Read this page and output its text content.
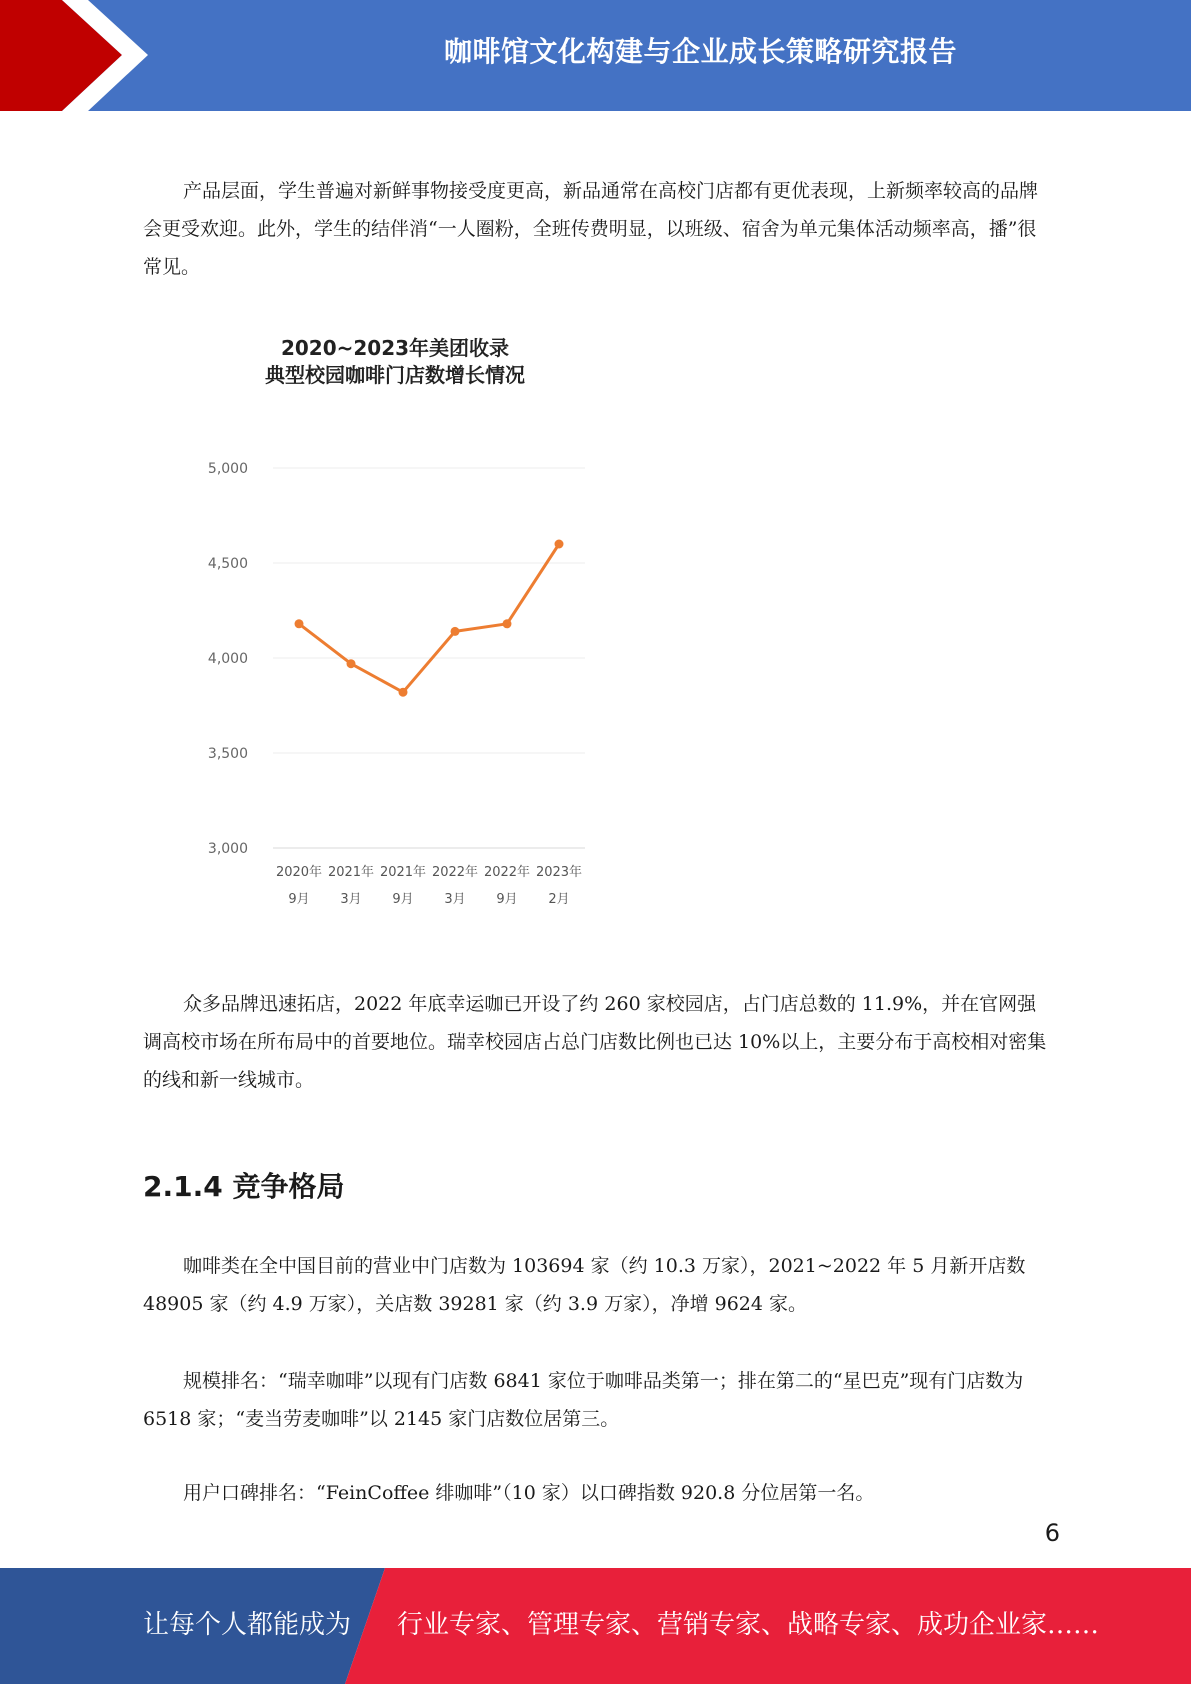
咖啡馆文化构建与企业成长策略研究报告

产品层面，学生普遍对新鲜事物接受度更高，新品通常在高校门店都有更优表现，上新频率较高的品牌会更受欢迎。此外，学生的结伴消“一人圈粉，全班传费明显，以班级、宿舍为单元集体活动频率高，播”很常见。

2020~2023年美团收录
典型校园咖啡门店数增长情况
5,000
4,500
4,000
3,500
3,000
2020年
9月
2021年
3月
2021年
9月
2022年
3月
2022年
9月
2023年
2月

众多品牌迅速拓店，2022 年底幸运咖已开设了约 260 家校园店，占门店总数的 11.9%，并在官网强调高校市场在所布局中的首要地位。瑞幸校园店占总门店数比例也已达 10%以上，主要分布于高校相对密集的线和新一线城市。

2.1.4 竞争格局

咖啡类在全中国目前的营业中门店数为 103694 家（约 10.3 万家），2021~2022 年 5 月新开店数 48905 家（约 4.9 万家），关店数 39281 家（约 3.9 万家），净增 9624 家。

规模排名：“瑞幸咖啡”以现有门店数 6841 家位于咖啡品类第一；排在第二的“星巴克”现有门店数为 6518 家；“麦当劳麦咖啡”以 2145 家门店数位居第三。

用户口碑排名：“FeinCoffee 绯咖啡”（10 家）以口碑指数 920.8 分位居第一名。

6
让每个人都能成为 行业专家、管理专家、营销专家、战略专家、成功企业家……
